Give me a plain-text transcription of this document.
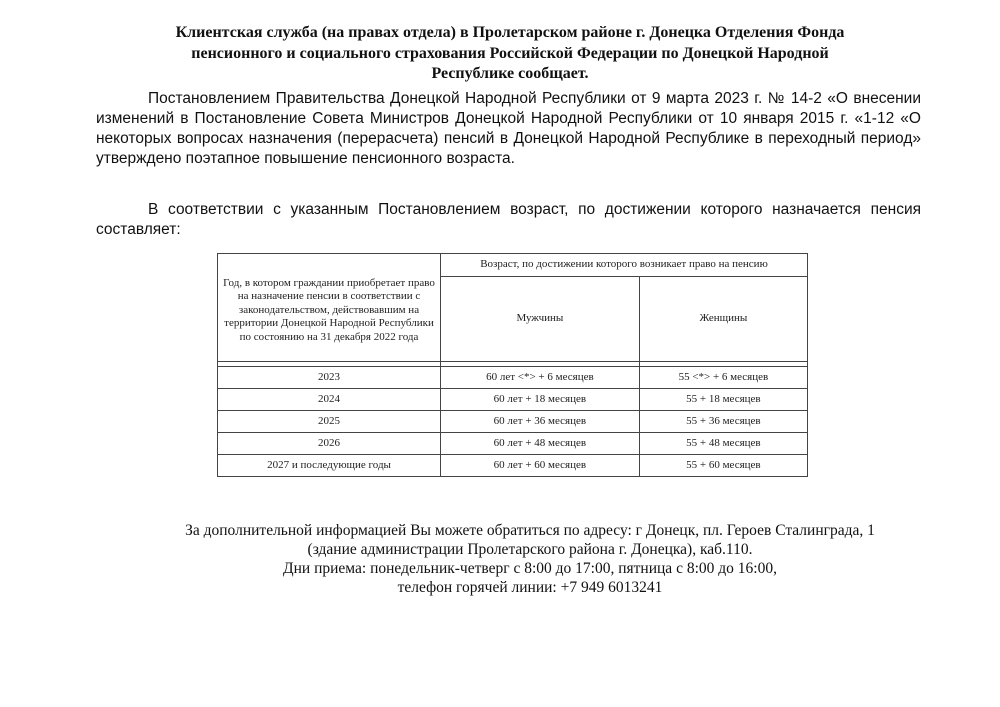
Клиентская служба (на правах отдела) в Пролетарском районе г. Донецка Отделения Фонда
пенсионного и социального страхования Российской Федерации по Донецкой Народной
Республике сообщает.

Постановлением Правительства Донецкой Народной Республики от 9 марта 2023 г. № 14-2 «О внесении изменений в Постановление Совета Министров Донецкой Народной Республики от 10 января 2015 г. «1-12 «О некоторых вопросах назначения (перерасчета) пенсий в Донецкой Народной Республике в переходный период» утверждено поэтапное повышение пенсионного возраста.

В соответствии с указанным Постановлением возраст, по достижении которого назначается пенсия составляет:

Год, в котором граждании приобретает право на назначение пенсии в соответствии с законодательством, действовавшим на территории Донецкой Народной Республики по состоянию на 31 декабря 2022 года	Возраст, по достижении которого возникает право на пенсию	
	Мужчины	Женщины

2023	60 лет <*> + 6 месяцев	55 <*> + 6 месяцев
2024	60 лет + 18 месяцев	55 + 18 месяцев
2025	60 лет + 36 месяцев	55 + 36 месяцев
2026	60 лет + 48 месяцев	55 + 48 месяцев
2027 и последующие годы	60 лет + 60 месяцев	55 + 60 месяцев
За дополнительной информацией Вы можете обратиться по адресу: г Донецк, пл. Героев Сталинграда, 1
(здание администрации Пролетарского района г. Донецка), каб.110.
Дни приема: понедельник-четверг с 8:00 до 17:00, пятница с 8:00 до 16:00,
телефон горячей линии: +7 949 6013241
